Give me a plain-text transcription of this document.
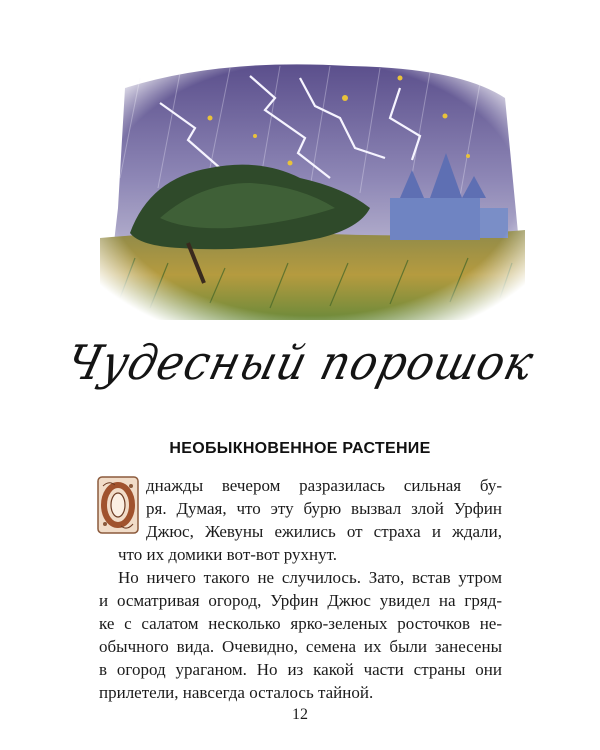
Чудесный порошок
НЕОБЫКНОВЕННОЕ РАСТЕНИЕ
днажды вечером разразилась сильная бу-
ря. Думая, что эту бурю вызвал злой Урфин
Джюс, Жевуны ежились от страха и ждали,
что их домики вот-вот рухнут.
Но ничего такого не случилось. Зато, встав утром
и осматривая огород, Урфин Джюс увидел на гряд-
ке с салатом несколько ярко-зеленых росточков не-
обычного вида. Очевидно, семена их были занесены
в огород ураганом. Но из какой части страны они
прилетели, навсегда осталось тайной.
12
